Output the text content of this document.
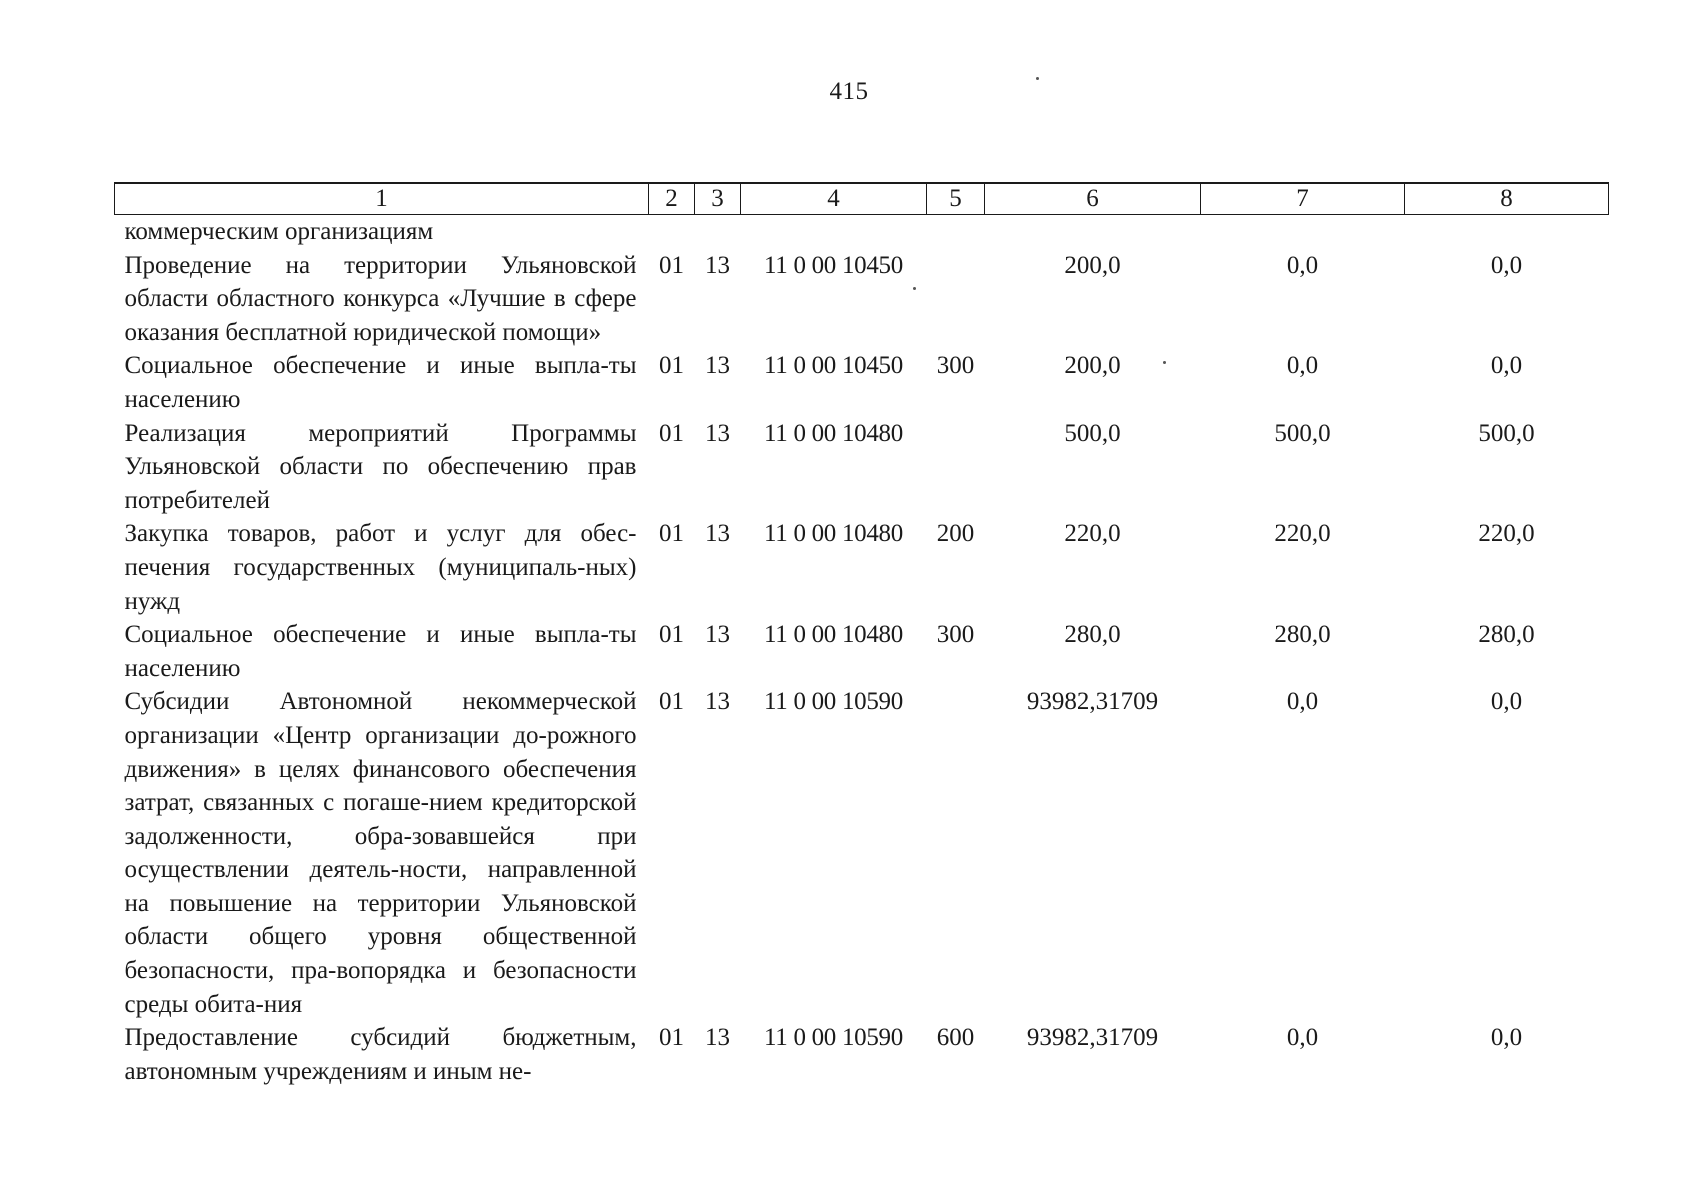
415
1	2	3	4	5	6	7	8
коммерческим организациям							
Проведение на территории Ульяновской области областного конкурса «Лучшие в сфере оказания бесплатной юридической помощи»	01	13	11 0 00 10450		200,0	0,0	0,0
Социальное обеспечение и иные выпла-ты населению	01	13	11 0 00 10450	300	200,0	0,0	0,0
Реализация мероприятий Программы Ульяновской области по обеспечению прав потребителей	01	13	11 0 00 10480		500,0	500,0	500,0
Закупка товаров, работ и услуг для обес-печения государственных (муниципаль-ных) нужд	01	13	11 0 00 10480	200	220,0	220,0	220,0
Социальное обеспечение и иные выпла-ты населению	01	13	11 0 00 10480	300	280,0	280,0	280,0
Субсидии Автономной некоммерческой организации «Центр организации до-рожного движения» в целях финансового обеспечения затрат, связанных с погаше-нием кредиторской задолженности, обра-зовавшейся при осуществлении деятель-ности, направленной на повышение на территории Ульяновской области общего уровня общественной безопасности, пра-вопорядка и безопасности среды обита-ния	01	13	11 0 00 10590		93982,31709	0,0	0,0
Предоставление субсидий бюджетным, автономным учреждениям и иным не-	01	13	11 0 00 10590	600	93982,31709	0,0	0,0
